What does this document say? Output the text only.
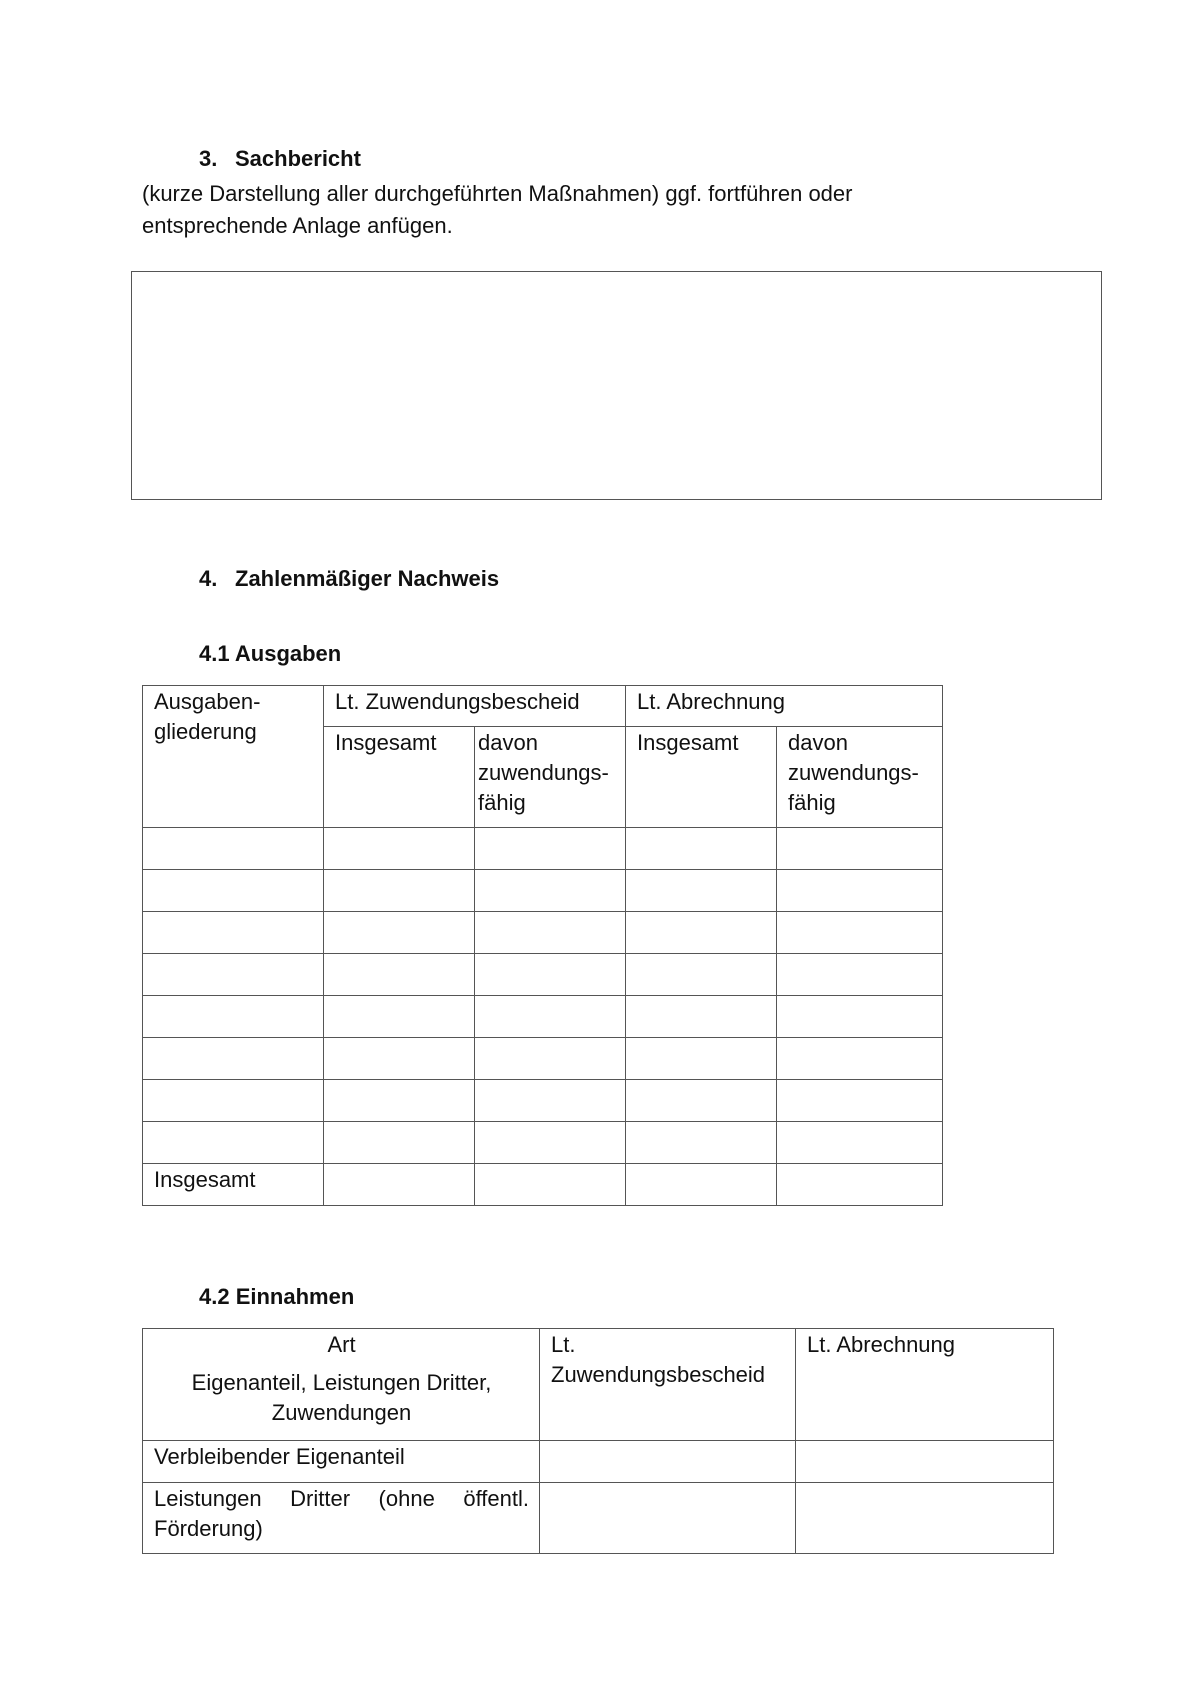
3. Sachbericht
(kurze Darstellung aller durchgeführten Maßnahmen) ggf. fortführen oder entsprechende Anlage anfügen.
4. Zahlenmäßiger Nachweis
4.1 Ausgaben
Ausgaben-gliederung	Lt. Zuwendungsbescheid		Lt. Abrechnung	
	Insgesamt	davon zuwendungs-fähig	Insgesamt	davon zuwendungs-fähig

Insgesamt				
4.2 Einnahmen
Art
Eigenanteil, Leistungen Dritter, Zuwendungen	Lt. Zuwendungsbescheid	Lt. Abrechnung
Verbleibender Eigenanteil		
Leistungen Dritter (ohne öffentl. Förderung)		
